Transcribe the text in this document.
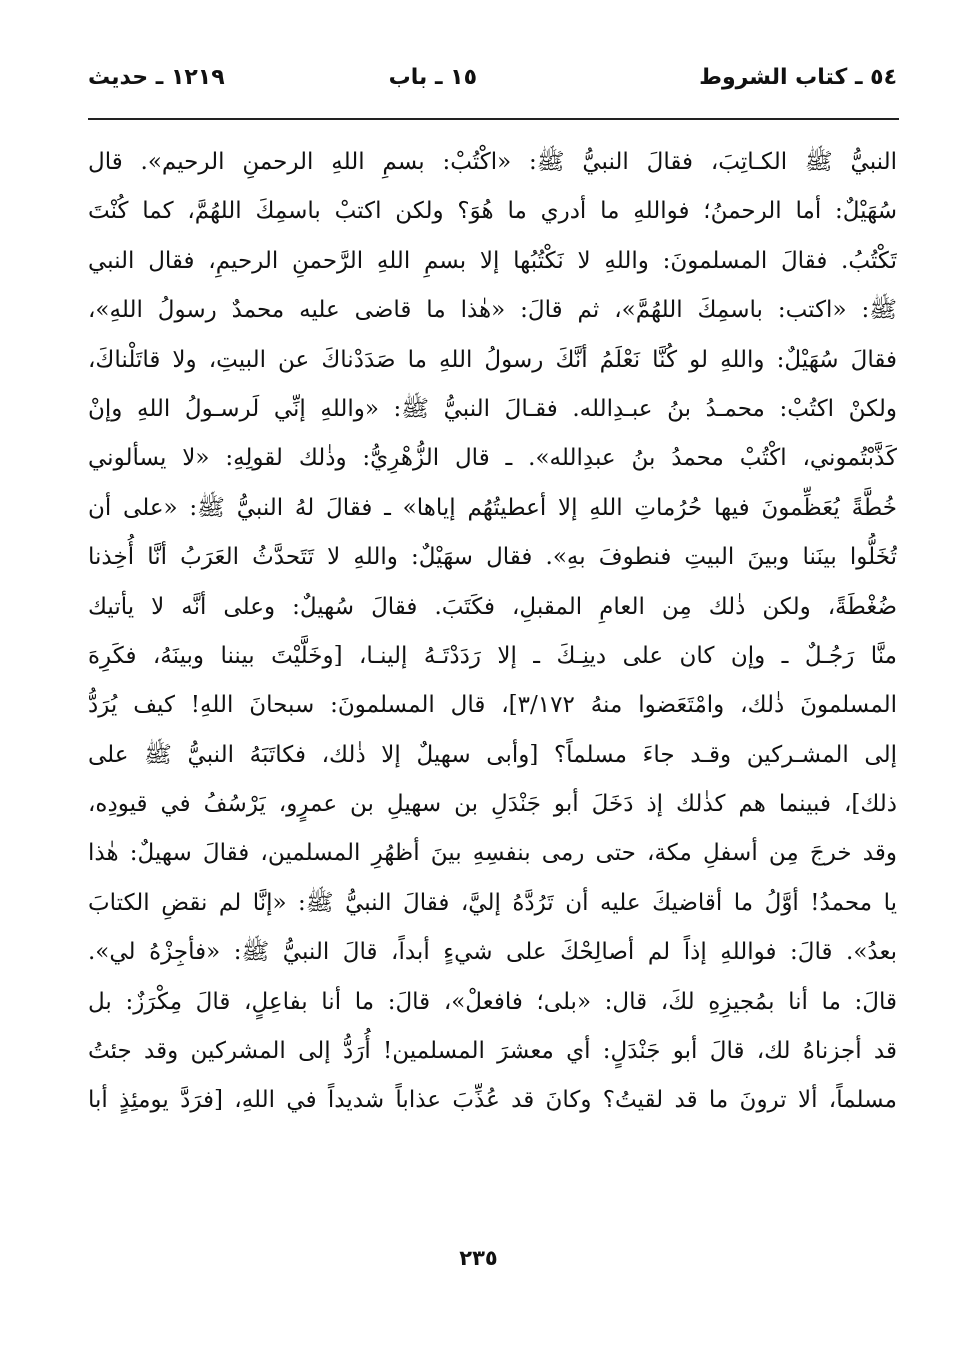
٥٤ ـ كتاب الشروط
١٥ ـ باب
١٢١٩ ـ حديث
النبيُّ ﷺ الكـاتِبَ، فقالَ النبيُّ ﷺ: «اكْتُبْ: بسمِ اللهِ الرحمنِ الرحيم». قال
سُهَيْلٌ: أما الرحمنُ؛ فواللهِ ما أدري ما هُوَ؟ ولكن اكتبْ باسمِكَ اللهُمَّ، كما كُنْتَ
تَكْتُبُ. فقالَ المسلمونَ: واللهِ لا نَكْتُبُها إلا بسمِ اللهِ الرَّحمنِ الرحيمِ، فقال النبي
ﷺ: «اكتب: باسمِكَ اللهُمَّ»، ثم قالَ: «هٰذا ما قاضى عليه محمدٌ رسولُ اللهِ»،
فقالَ سُهَيْلٌ: واللهِ لو كُنَّا نَعْلَمُ أنَّكَ رسولُ اللهِ ما صَدَدْناكَ عن البيتِ، ولا قاتَلْناكَ،
ولكنْ اكتُبْ: محمـدُ بنُ عبـدِالله. فقـالَ النبيُّ ﷺ: «واللهِ إنِّي لَرسـولُ اللهِ وإنْ
كَذَّبْتُموني، اكْتُبْ محمدُ بنُ عبدِالله». ـ قال الزُّهْرِيُّ: وذٰلك لقولِهِ: «لا يسألوني
خُطَّةً يُعَظِّمونَ فيها حُرُماتِ اللهِ إلا أعطيتُهُم إياها» ـ فقالَ لهُ النبيُّ ﷺ: «على أن
تُخَلُّوا بينَنا وبينَ البيتِ فنطوفَ بهِ». فقال سهَيْلٌ: واللهِ لا تَتَحدَّثُ العَرَبُ أنَّا أُخِذنا
ضُغْطَةً، ولكن ذٰلك مِن العامِ المقبلِ، فكَتَبَ. فقالَ سُهيلٌ: وعلى أنَّه لا يأتيك
منَّا رَجُـلٌ ـ وإن كان على دينِـكَ ـ إلا رَدَدْتَـهُ إلينـا، [وخَلَّيْتَ بيننا وبينَهُ، فكَرِهَ
المسلمونَ ذٰلك، وامْتَعَضوا منهُ ٣/١٧٢]، قال المسلمونَ: سبحانَ اللهِ! كيف يُرَدُّ
إلى المشـركين وقـد جاءَ مسلماً؟ [وأبى سهيلٌ إلا ذٰلك، فكاتَبَهُ النبيُّ ﷺ على
ذلك]، فبينما هم كذٰلك إذ دَخَلَ أبو جَنْدَلِ بن سهيلِ بن عمرٍو، يَرْسُفُ في قيودِه،
وقد خرجَ مِن أسفلِ مكة، حتى رمى بنفسِهِ بينَ أظهُرِ المسلمين، فقالَ سهيلٌ: هٰذا
يا محمدُ! أوَّلُ ما أقاضيكَ عليه أن تَرُدَّهُ إليَّ، فقالَ النبيُّ ﷺ: «إنَّا لم نقضِ الكتابَ
بعدُ». قالَ: فواللهِ إذاً لم أصالِحْكَ على شيءٍ أبداً، قالَ النبيُّ ﷺ: «فأجِزْهُ لي».
قالَ: ما أنا بمُجيزِهِ لكَ، قال: «بلى؛ فافعلْ»، قالَ: ما أنا بفاعِلٍ، قالَ مِكْرَزٌ: بل
قد أجزناهُ لك، قالَ أبو جَنْدَلٍ: أي معشرَ المسلمين! أُرَدُّ إلى المشركين وقد جئتُ
مسلماً، ألا ترونَ ما قد لقيتُ؟ وكانَ قد عُذِّبَ عذاباً شديداً في اللهِ، [فرَدَّ يومئِذٍ أبا
٢٣٥
